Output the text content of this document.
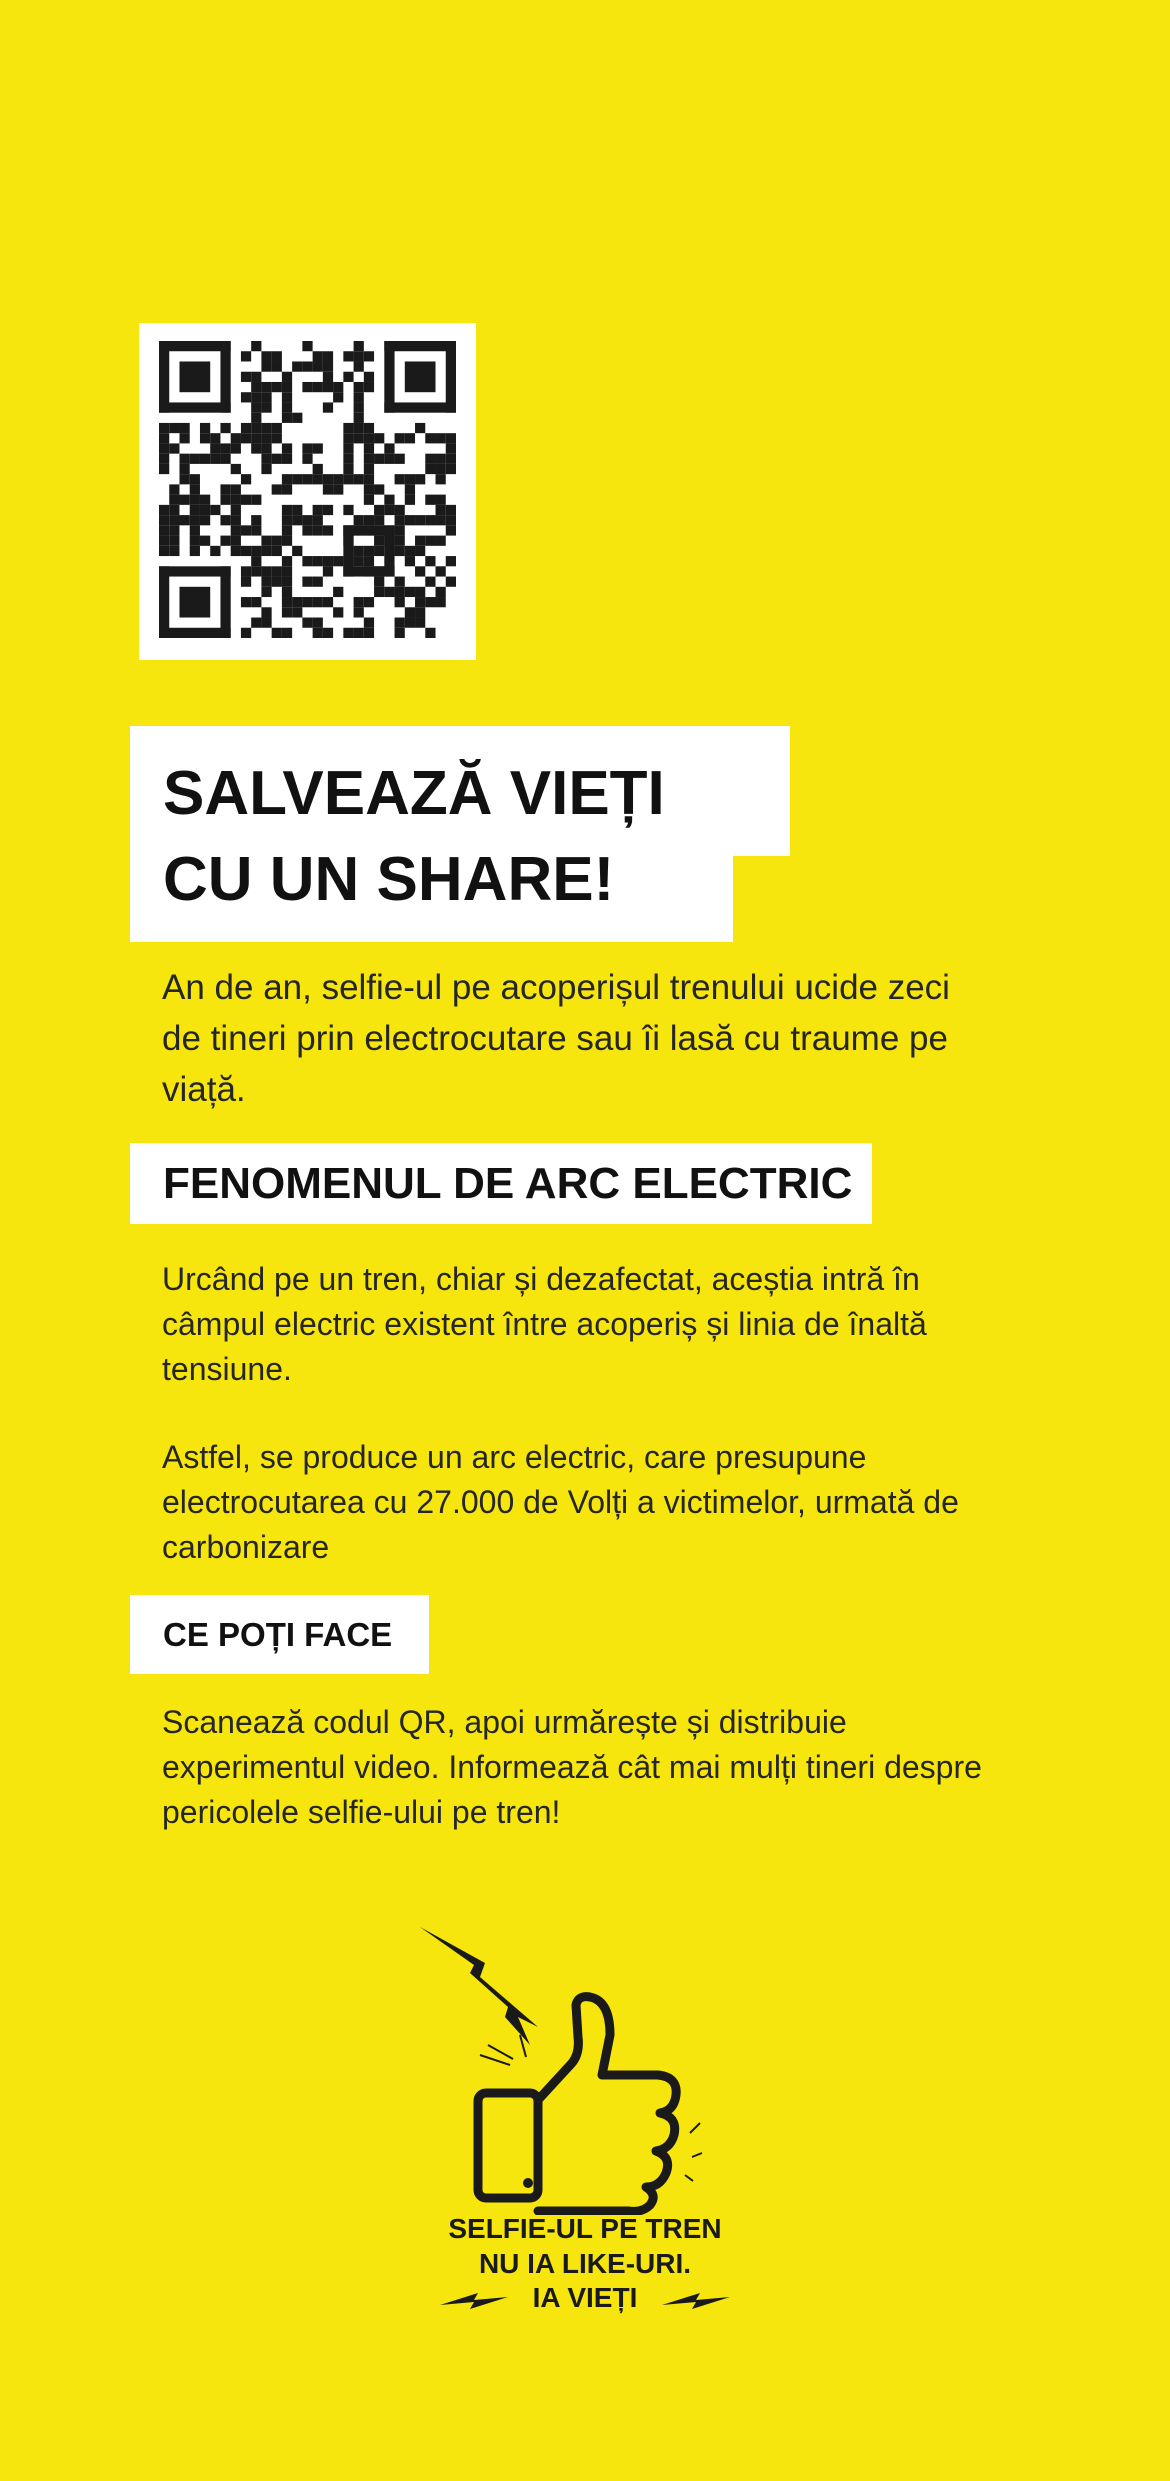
SALVEAZĂ VIEȚI
CU UN SHARE!

An de an, selfie-ul pe acoperișul trenului ucide zeci de tineri prin electrocutare sau îi lasă cu traume pe viață.

FENOMENUL DE ARC ELECTRIC

Urcând pe un tren, chiar și dezafectat, aceștia intră în câmpul electric existent între acoperiș și linia de înaltă tensiune.

Astfel, se produce un arc electric, care presupune electrocutarea cu 27.000 de Volți a victimelor, urmată de carbonizare

CE POȚI FACE

Scanează codul QR, apoi urmărește și distribuie experimentul video. Informează cât mai mulți tineri despre pericolele selfie-ului pe tren!

SELFIE-UL PE TREN
NU IA LIKE-URI.
IA VIEȚI
